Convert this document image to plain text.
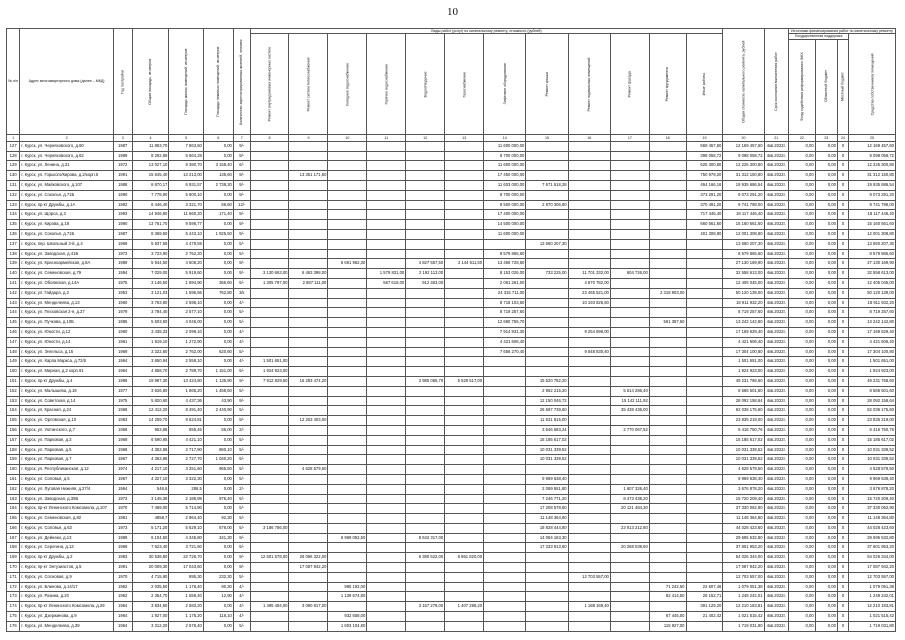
10
№ п/п	Адрес многоквартирного дома (далее – МКД)	Год постройки	Общая площадь, кв.метров	Площадь жилых помещений, кв.метров	Площадь нежилых помещений, кв.метров	Количество зарегистрированных жителей, человек	Виды работ (услуг) по капитальному ремонту, стоимость (рублей)												Общая стоимость капитального ремонта, рублей	Срок окончания выполнения работ	Источники финансирования работ по капитальному ремонту			
							Ремонт внутридомовых инженерных систем	Ремонт систем теплоснабжения	Холодное водоснабжение	Горячее водоснабжение	Водоотведение	Газоснабжение	Лифтовое оборудование	Ремонт крыши	Ремонт подвальных помещений	Ремонт фасада	Ремонт фундамента	Иные работы			Государственная поддержка			Средства собственников помещений
																					Фонд содействия реформированию ЖКХ	Областной бюджет	Местный бюджет	
1	2	3	4	5	6	7	8	9	10	11	12	13	14	15	16	17	18	19	20	21	22	23	24	25
127	г. Курск, ул. Черняховского, д.60	1987	11 863,70	7 863,50	0,00	9/-							11 600 000,00					569 457,60	12 169 457,60	4кв.2022г.	0,00	0,00	0	12 169 457,60
128	г. Курск, ул. Черняховского, д.62	1989	8 292,89	5 664,28	0,00	9/-							8 700 000,00					398 058,72	9 098 058,72	4кв.2022г.	0,00	0,00	0	9 098 058,72
129	г. Курск, ул. Ленина, д.31	1972	13 027,10	8 380,70	3 158,40	6/-							11 600 000,00					625 300,80	12 225 300,80	4кв.2022г.	0,00	0,00	0	12 225 300,80
130	г. Курск, ул. Горького/Кирова, д.2/корп.5	1991	15 645,40	12 213,00	135,60	9/-		13 351 171,60					17 450 000,00					750 979,20	31 312 150,80	4кв.2022г.	0,00	0,00	0	31 312 150,80
131	г. Курск, ул. Майковского, д.107	1988	8 670,17	6 931,57	2 738,30	9/-							11 603 000,00	7 671 518,28				464 166,16	19 935 686,54	4кв.2022г.	0,00	0,00	0	19 935 686,54
132	г. Курск, ул. Соколья, д.71Б	1990	7 778,90	5 900,10	0,00	9/-							8 700 000,00					373 291,20	9 073 291,20	4кв.2022г.	0,00	0,00	0	9 073 291,20
133	г. Курск, пр-кт Дружбы, д.1А	1982	6 446,40	3 321,70	66,60	12/-							8 500 000,00	2 870 306,80				370 491,20	9 741 798,00	4кв.2022г.	0,00	0,00	0	9 741 798,00
134	г. Курск, ул. Щорса, д.3	1993	14 946,80	11 660,20	171,40	9/-							17 400 000,00					717 446,40	18 117 446,40	4кв.2022г.	0,00	0,00	0	18 117 446,40
135	г. Курск, ул. Кирова, д.18	1990	13 761,70	9 596,77	0,00	9/-							14 500 000,00					660 561,60	15 160 561,60	4кв.2022г.	0,00	0,00	0	15 160 561,60
136	г. Курск, ул. Соколья, д.71Б	1987	8 369,60	5 443,10	1 925,50	9/-							11 600 000,00					401 308,80	12 001 308,80	4кв.2022г.	0,00	0,00	0	12 001 308,80
137	г. Курск, пер. Школьный 3-й, д.4	1969	5 937,59	4 479,59	0,00	5/-								13 660 207,30					13 660 207,30	4кв.2022г.	0,00	0,00	0	13 660 207,30
138	г. Курск, ул. Заводская, д.41Б	1973	3 723,90	2 752,20	0,00	5/-							8 579 865,60						8 579 865,60	4кв.2022г.	0,00	0,00	0	8 579 865,60
139	г. Курск, ул. Красноармейская, д.8А	1989	5 944,50	4 506,20	0,00	9/-			6 691 962,30		4 827 557,50	2 144 611,50	13 466 728,60						27 130 169,90	4кв.2022г.	0,00	0,00	0	27 130 169,90
140	г. Курск, ул. Семеновская, д.79	1994	7 029,00	5 919,60	0,00	9/-	3 130 663,00	6 463 398,00		1 579 831,00	2 192 113,00		8 153 026,00	733 225,00	11 701 332,00	604 726,00			32 558 613,00	4кв.2022г.	0,00	0,00	0	32 558 613,00
141	г. Курск, ул. Обоянская, д.14А	1975	3 146,50	1 894,90	365,60	5/-	1 305 797,00	2 687 111,00		567 618,00	912 483,00		2 061 261,00		4 870 782,00				12 405 045,00	4кв.2022г.	0,00	0,00	0	12 405 045,00
142	г. Курск, ул. Гайдара, д.2	1953	3 121,03	1 595,56	762,80	3/к							24 315 711,00		23 465 521,00		2 318 903,00		50 120 139,00	4кв.2022г.	0,00	0,00	0	50 120 139,00
143	г. Курск, ул. Менделеева, д.13	1960	3 763,80	2 596,10	0,00	4/-							8 718 103,60		10 193 826,60				18 911 932,20	4кв.2022г.	0,00	0,00	0	18 911 932,20
144	г. Курск, ул. Песковская 2-я, д.27	1979	3 784,40	2 577,10	0,00	5/-							8 719 257,60						8 719 257,60	4кв.2022г.	0,00	0,00	0	8 719 257,60
145	г. Курск, ул. Пучкова, д.10Б	1985	5 503,60	4 046,00	0,00	5/-							12 680 755,70				561 387,60		13 242 142,80	4кв.2022г.	0,00	0,00	0	13 242 142,80
146	г. Курск, ул. Юности, д.12	1960	3 435,33	2 099,10	0,00	4/-							7 914 931,30		9 254 698,00				17 169 629,40	4кв.2022г.	0,00	0,00	0	17 169 629,40
147	г. Курск, ул. Юности, д.14	1961	1 919,10	1 272,90	0,00	4/-							4 421 606,40						4 421 606,40	4кв.2022г.	0,00	0,00	0	4 421 606,40
148	г. Курск, ул. Энгельса, д.16	1969	3 322,60	2 762,00	620,60	5/-							7 656 270,40		9 648 830,40				17 304 100,80	4кв.2022г.	0,00	0,00	0	17 304 100,80
149	г. Курск, ул. Карла Маркса, д.72/6	1964	3 650,94	2 558,10	0,00	4/-	1 501 651,00												1 501 651,00	4кв.2022г.	0,00	0,00	0	1 501 651,00
150	г. Курск, ул. Мирная, д.2 корп.91	1964	4 658,70	2 789,70	1 151,00	5/-	1 924 923,00												1 924 923,00	4кв.2022г.	0,00	0,00	0	1 924 923,00
151	г. Курск, пр-кт Дружбы, д.4	1988	19 987,30	13 424,80	1 135,90	9/-	7 912 829,50	16 283 474,20			3 985 065,70	5 529 517,00		15 520 782,20					49 231 768,60	4кв.2022г.	0,00	0,00	0	49 231 768,60
152	г. Курск, ул. Малышева, д.19	1977	3 626,80	1 865,20	1 458,60	5/-								2 952 215,20		5 614 286,40			8 566 501,60	4кв.2022г.	0,00	0,00	0	8 566 501,60
153	г. Курск, ул. Советская, д.14	1975	5 820,60	4 437,36	43,90	9/-								12 150 046,72		15 142 111,92			28 092 158,64	4кв.2022г.	0,00	0,00	0	28 092 158,64
154	г. Курск, ул. Красная, д.24	1968	12 412,20	8 491,40	2 440,90	5/-								26 597 739,60		35 438 436,00			62 036 175,60	4кв.2022г.	0,00	0,00	0	62 036 175,60
155	г. Курск, ул. Орловская, д.10	1983	14 259,70	9 624,81	0,00	9/-		12 203 403,00						11 631 815,00					23 835 219,00	4кв.2022г.	0,00	0,00	0	23 835 219,00
156	г. Курск, ул. Уютинского, д.7	1958	953,88	655,46	56,00	2/-								3 646 683,24		2 770 067,52			6 416 750,76	4кв.2022г.	0,00	0,00	0	6 416 750,76
157	г. Курск, ул. Парковая, д.3	1969	6 590,95	4 421,10	0,00	5/-								15 185 617,02					15 185 617,02	4кв.2022г.	0,00	0,00	0	15 185 617,02
158	г. Курск, ул. Парковая, д.5	1968	4 353,98	2 717,90	860,10	5/-								10 031 339,52					10 031 339,52	4кв.2022г.	0,00	0,00	0	10 031 339,52
159	г. Курск, ул. Парковая, д.7	1967	4 353,88	2 727,70	1 040,20	5/-								10 031 339,52					10 031 339,52	4кв.2022г.	0,00	0,00	0	10 031 339,52
160	г. Курск, ул. Республиканская, д.12	1974	4 217,10	3 251,60	965,50	5/-		4 628 579,50											4 628 579,50	4кв.2022г.	0,00	0,00	0	4 628 579,50
161	г. Курск, ул. Соловья, д.5	1967	4 327,10	3 322,30	0,00	5/-								9 969 638,40					9 969 638,40	4кв.2022г.	0,00	0,00	0	9 969 638,40
162	г. Курск, ул. Луговая Нижняя, д.27/4	1964	546,6	286,5	0,00	2/-								2 069 551,80		1 607 326,40			3 676 878,20	4кв.2022г.	0,00	0,00	0	3 676 878,20
163	г. Курск, ул. Заводская, д.39Б	1973	3 145,38	2 186,99	976,40	5/-								7 246 771,20		8 473 438,20			15 720 209,40	4кв.2022г.	0,00	0,00	0	15 720 209,40
164	г. Курск, пр-кт Ленинского Комсомола, д.107	1970	7 469,00	5 714,90	0,00	5/-								17 208 578,60		20 121 484,30			37 330 062,90	4кв.2022г.	0,00	0,00	0	37 330 062,90
165	г. Курск, ул. Семеновская, д.82	1981	4858,7	2 964,40	92,30	5/-								11 148 364,80					11 148 364,80	4кв.2022г.	0,00	0,00	0	11 148 364,80
166	г. Курск, ул. Соловья, д.63	1973	5 171,20	5 629,10	676,00	5/-	3 186 786,00							18 828 444,80		22 013 212,80			44 028 423,60	4кв.2022г.	0,00	0,00	0	44 028 423,60
167	г. Курск, ул. Дейнеки, д.13	1989	6 104,50	4 345,80	341,30	9/-			6 969 052,50		8 642 317,00			14 084 163,30					29 695 532,80	4кв.2022г.	0,00	0,00	0	29 695 532,80
168	г. Курск, ул. Серегина, д.13	1969	7 523,40	3 721,60	0,00	5/-								17 333 913,60		20 268 039,60			37 601 953,20	4кв.2022г.	0,00	0,00	0	37 601 953,20
169	г. Курск, пр-кт Дружбы, д.2	1983	30 538,80	22 726,70	0,00	9/-	12 601 578,00	26 096 322,00			6 380 622,00	8 861 820,00							54 026 344,00	4кв.2022г.	0,00	0,00	0	54 026 344,00
170	г. Курск, пр-кт Энтузиастов, д.5	1991	20 009,30	17 043,60	0,00	9/-		17 087 942,20											17 087 942,20	4кв.2022г.	0,00	0,00	0	17 087 942,20
171	г. Курск, ул. Сосновая, д.9	1970	4 715,90	895,30	232,30	5/-									12 703 557,00				12 703 557,00	4кв.2022г.	0,00	0,00	0	12 703 557,00
172	г. Курск, ул. Блинова, д.14/17	1962	2 035,50	1 176,40	90,30	4/-			985 192,00								71 242,50	22 607,46	1 079 051,38	4кв.2022г.	0,00	0,00	0	1 079 051,38
173	г. Курск, ул. Разина, д.20	1962	2 354,70	1 558,40	12,90	4/-			1 139 674,80								82 414,50	26 152,71	1 248 242,01	4кв.2022г.	0,00	0,00	0	1 248 242,01
174	г. Курск, пр-кт Ленинского Комсомола, д.29	1964	3 834,60	2 583,20	0,00	4/-	1 495 494,00	3 090 817,00			3 157 279,00	1 407 298,20			1 188 169,40			391 129,20	12 210 183,81	4кв.2022г.	0,00	0,00	0	12 210 183,81
175	г. Курск, ул. Дзержинова, д.9	1964	1 927,00	1 175,20	116,10	4/-			932 658,00								67 445,00	21 402,42	1 021 515,42	4кв.2022г.	0,00	0,00	0	1 021 515,42
176	г. Курск, ул. Менделеева, д.39	1964	3 312,20	2 576,40	0,00	5/-			1 603 104,80								115 927,00		1 719 031,80	4кв.2022г.	0,00	0,00	0	1 719 031,80
